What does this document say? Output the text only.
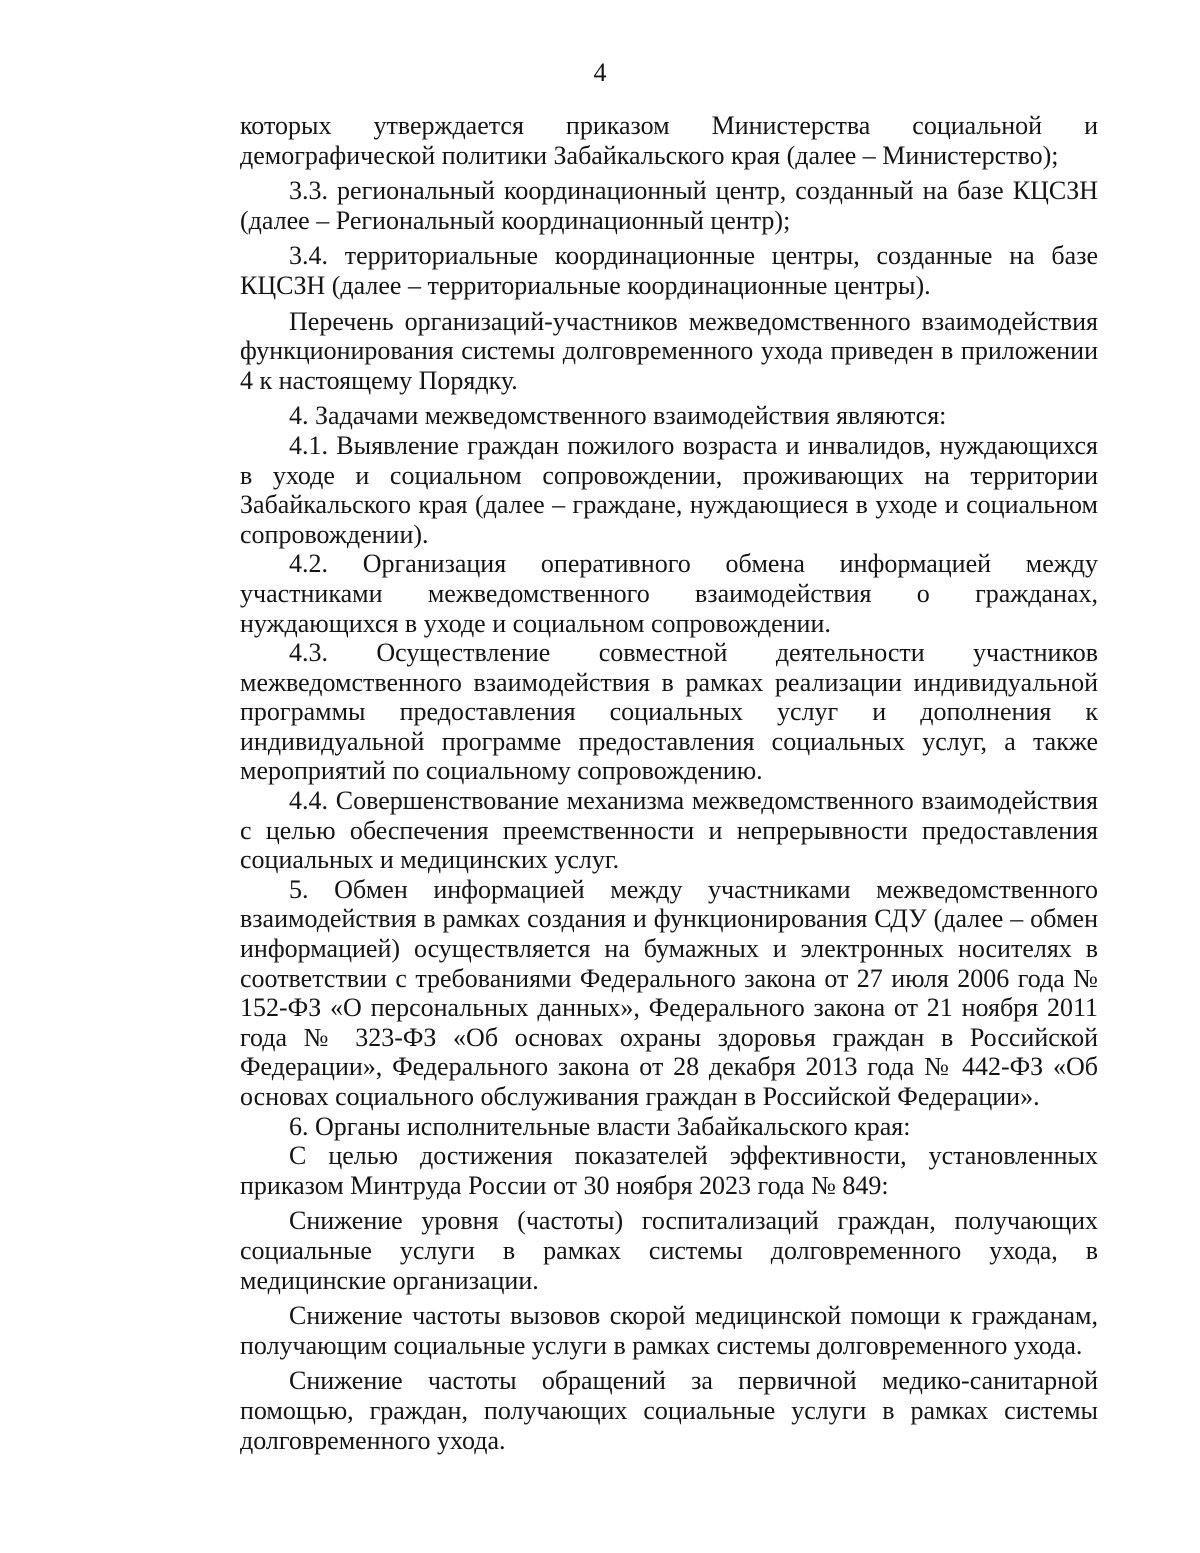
4

которых утверждается приказом Министерства социальной и демографической политики Забайкальского края (далее – Министерство);

3.3. региональный координационный центр, созданный на базе КЦСЗН (далее – Региональный координационный центр);

3.4. территориальные координационные центры, созданные на базе КЦСЗН (далее – территориальные координационные центры).

Перечень организаций-участников межведомственного взаимодействия функционирования системы долговременного ухода приведен в приложении 4 к настоящему Порядку.

4. Задачами межведомственного взаимодействия являются:

4.1. Выявление граждан пожилого возраста и инвалидов, нуждающихся в уходе и социальном сопровождении, проживающих на территории Забайкальского края (далее – граждане, нуждающиеся в уходе и социальном сопровождении).

4.2. Организация оперативного обмена информацией между участниками межведомственного взаимодействия о гражданах, нуждающихся в уходе и социальном сопровождении.

4.3. Осуществление совместной деятельности участников межведомственного взаимодействия в рамках реализации индивидуальной программы предоставления социальных услуг и дополнения к индивидуальной программе предоставления социальных услуг, а также мероприятий по социальному сопровождению.

4.4. Совершенствование механизма межведомственного взаимодействия с целью обеспечения преемственности и непрерывности предоставления социальных и медицинских услуг.

5. Обмен информацией между участниками межведомственного взаимодействия в рамках создания и функционирования СДУ (далее – обмен информацией) осуществляется на бумажных и электронных носителях в соответствии с требованиями Федерального закона от 27 июля 2006 года № 152-ФЗ «О персональных данных», Федерального закона от 21 ноября 2011 года № 323-ФЗ «Об основах охраны здоровья граждан в Российской Федерации», Федерального закона от 28 декабря 2013 года № 442-ФЗ «Об основах социального обслуживания граждан в Российской Федерации».

6. Органы исполнительные власти Забайкальского края:

С целью достижения показателей эффективности, установленных приказом Минтруда России от 30 ноября 2023 года № 849:

Снижение уровня (частоты) госпитализаций граждан, получающих социальные услуги в рамках системы долговременного ухода, в медицинские организации.

Снижение частоты вызовов скорой медицинской помощи к гражданам, получающим социальные услуги в рамках системы долговременного ухода.

Снижение частоты обращений за первичной медико-санитарной помощью, граждан, получающих социальные услуги в рамках системы долговременного ухода.
